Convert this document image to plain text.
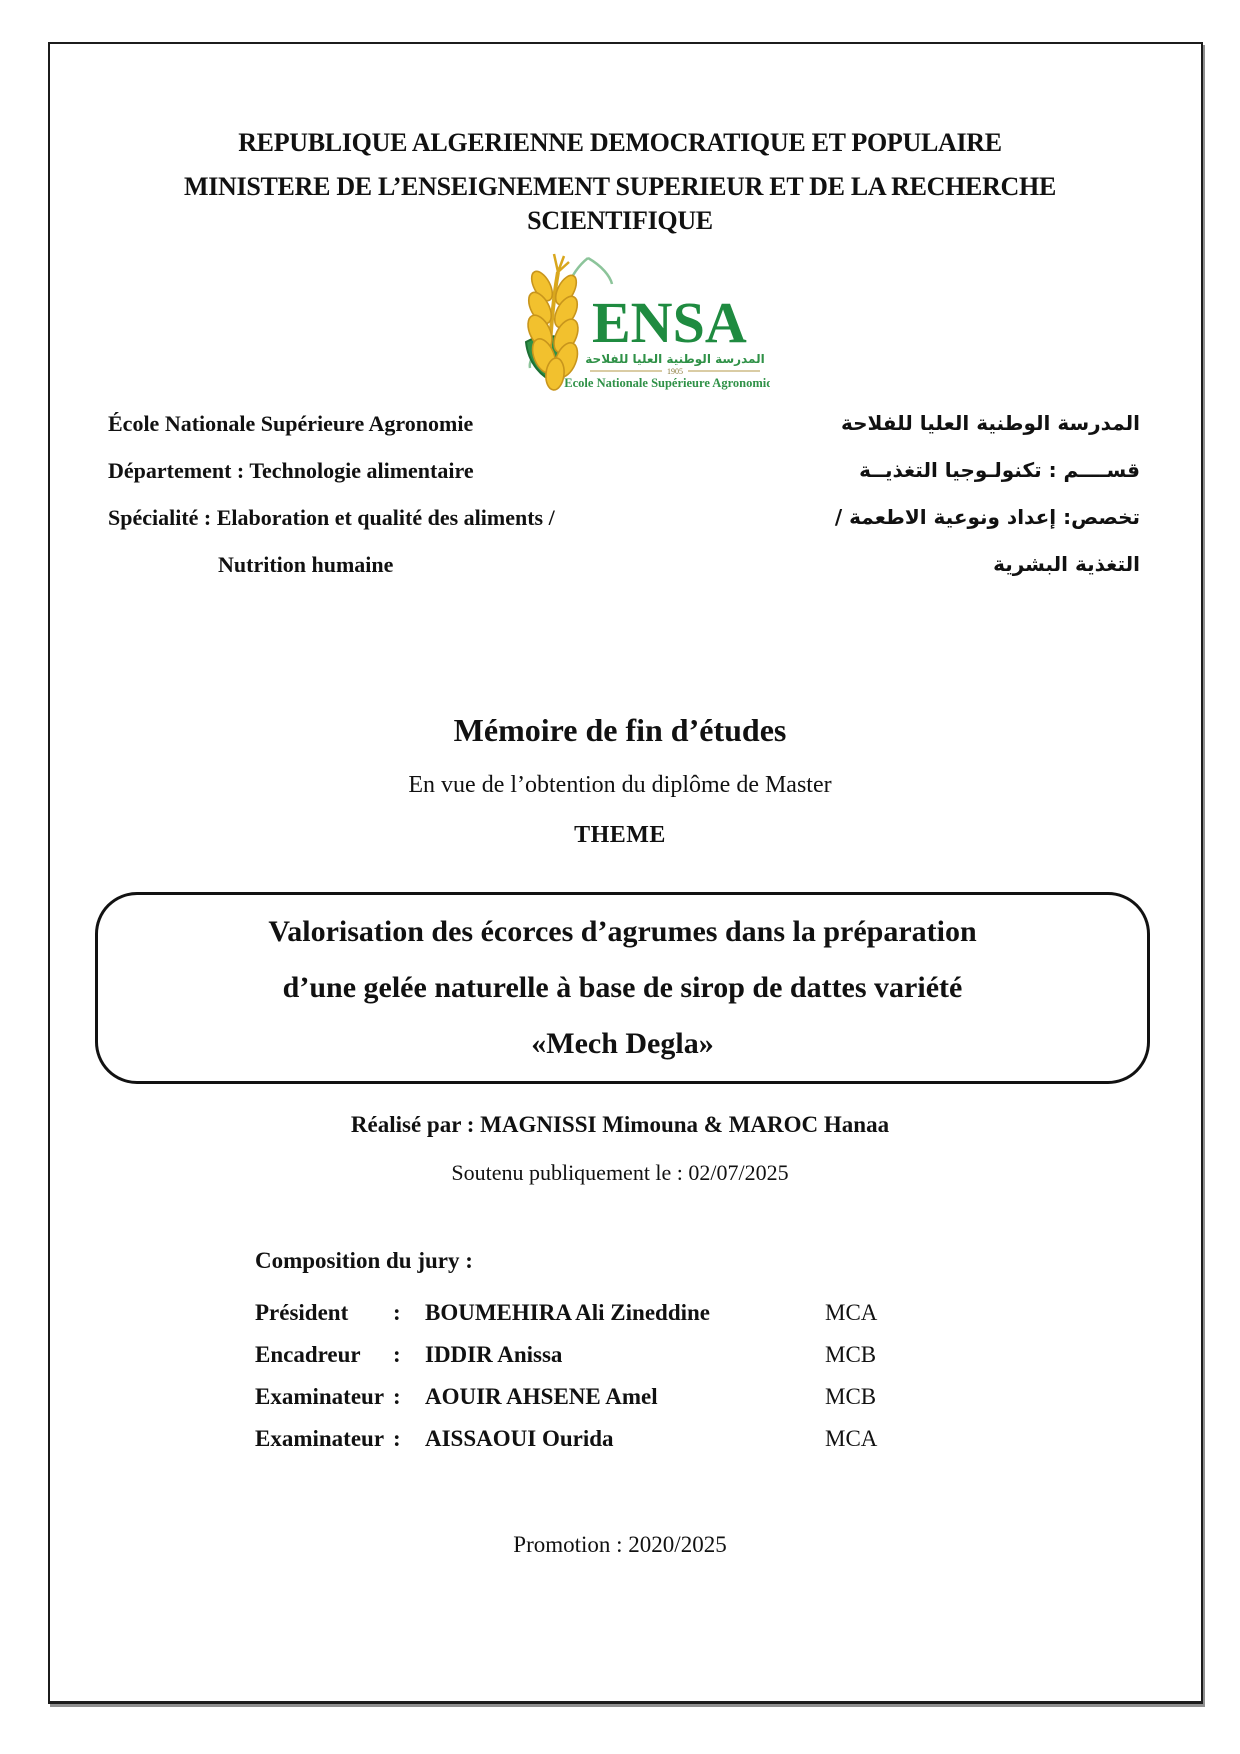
REPUBLIQUE ALGERIENNE DEMOCRATIQUE ET POPULAIRE
MINISTERE DE L’ENSEIGNEMENT SUPERIEUR ET DE LA RECHERCHE
SCIENTIFIQUE
ENSA
المدرسة الوطنية العليا للفلاحة
1905
Ecole Nationale Supérieure Agronomique
École Nationale Supérieure Agronomie
Département : Technologie alimentaire
Spécialité : Elaboration et qualité des aliments /
Nutrition humaine
المدرسة الوطنية العليا للفلاحة
قســــم : تكنولـوجيا التغذيــة
تخصص: إعداد ونوعية الاطعمة /
التغذية البشرية
Mémoire de fin d’études
En vue de l’obtention du diplôme de Master
THEME
Valorisation des écorces d’agrumes dans la préparation
d’une gelée naturelle à base de sirop de dattes variété
«Mech Degla»
Réalisé par : MAGNISSI Mimouna & MAROC Hanaa
Soutenu publiquement le : 02/07/2025
Composition du jury :
Président	:	BOUMEHIRA Ali Zineddine	MCA
Encadreur	:	IDDIR Anissa	MCB
Examinateur :	AOUIR AHSENE Amel	MCB
Examinateur :	AISSAOUI Ourida	MCA
Promotion : 2020/2025
